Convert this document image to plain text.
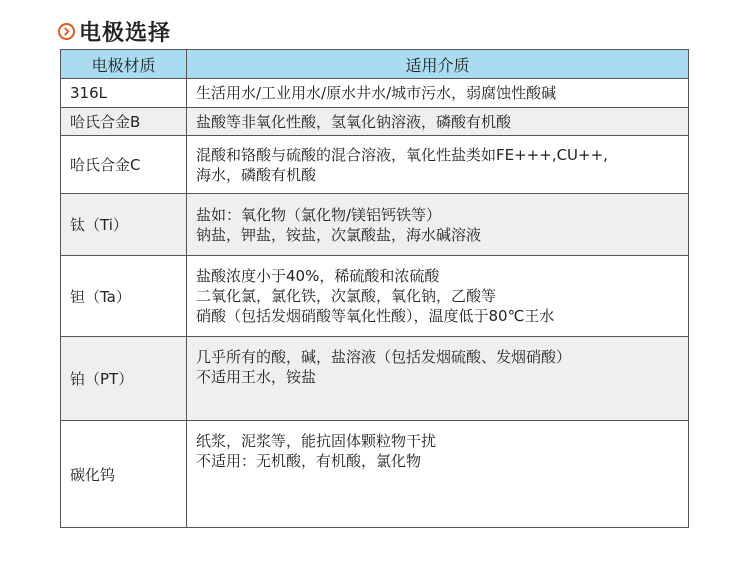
电极选择
电极材质	适用介质
316L	生活用水/工业用水/原水井水/城市污水，弱腐蚀性酸碱

哈氏合金B	盐酸等非氧化性酸，氢氧化钠溶液，磷酸有机酸

哈氏合金C	混酸和铬酸与硫酸的混合溶液，氧化性盐类如FE+++,CU++,
海水，磷酸有机酸

钛（Ti）	盐如：氧化物（氯化物/镁铝钙铁等）
钠盐，钾盐，铵盐，次氯酸盐，海水碱溶液

钽（Ta）	盐酸浓度小于40%，稀硫酸和浓硫酸
二氧化氯，氯化铁，次氯酸，氧化钠，乙酸等
硝酸（包括发烟硝酸等氧化性酸），温度低于80℃王水

铂（PT）	几乎所有的酸，碱，盐溶液（包括发烟硫酸、发烟硝酸）
不适用王水，铵盐

碳化钨	纸浆，泥浆等，能抗固体颗粒物干扰
不适用：无机酸，有机酸，氯化物
